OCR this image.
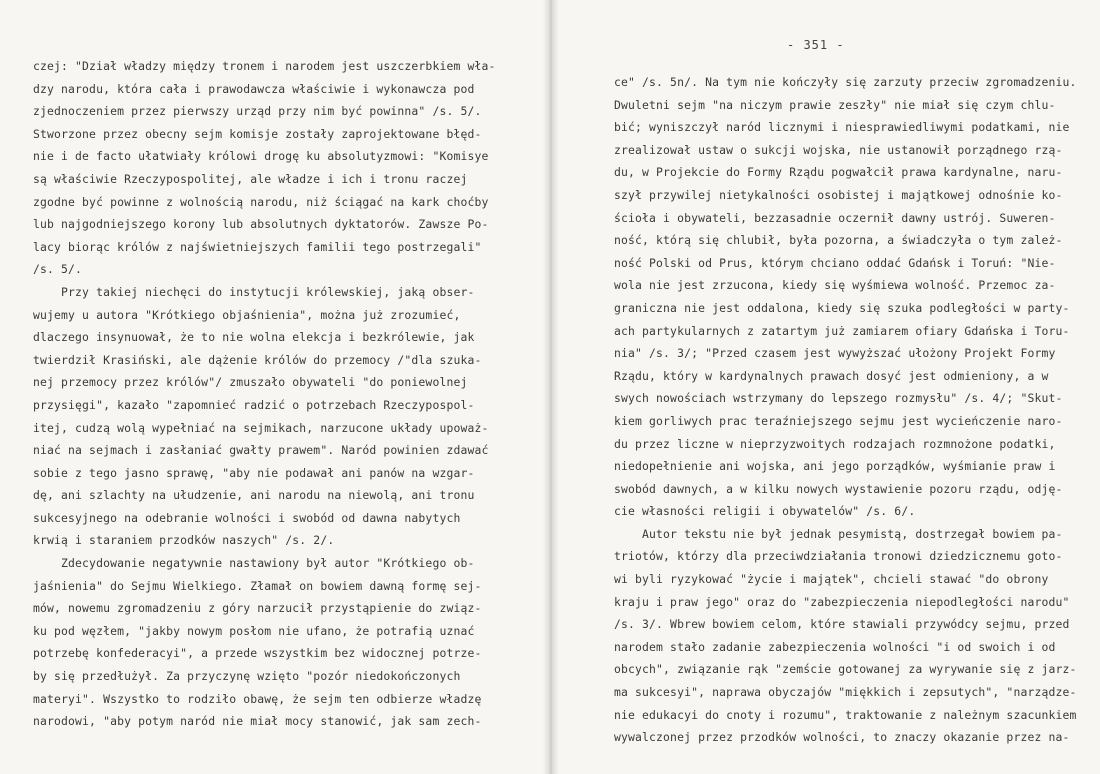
czej: "Dział władzy między tronem i narodem jest uszczerbkiem wła-
dzy narodu, która cała i prawodawcza właściwie i wykonawcza pod
zjednoczeniem przez pierwszy urząd przy nim być powinna" /s. 5/.
Stworzone przez obecny sejm komisje zostały zaprojektowane błęd-
nie i de facto ułatwiały królowi drogę ku absolutyzmowi: "Komisye
są właściwie Rzeczypospolitej, ale władze i ich i tronu raczej
zgodne być powinne z wolnością narodu, niż ściągać na kark choćby
lub najgodniejszego korony lub absolutnych dyktatorów. Zawsze Po-
lacy biorąc królów z najświetniejszych familii tego postrzegali"
/s. 5/.
Przy takiej niechęci do instytucji królewskiej, jaką obser-
wujemy u autora "Krótkiego objaśnienia", można już zrozumieć,
dlaczego insynuował, że to nie wolna elekcja i bezkrólewie, jak
twierdził Krasiński, ale dążenie królów do przemocy /"dla szuka-
nej przemocy przez królów"/ zmuszało obywateli "do poniewolnej
przysięgi", kazało "zapomnieć radzić o potrzebach Rzeczypospol-
itej, cudzą wolą wypełniać na sejmikach, narzucone układy upoważ-
niać na sejmach i zasłaniać gwałty prawem". Naród powinien zdawać
sobie z tego jasno sprawę, "aby nie podawał ani panów na wzgar-
dę, ani szlachty na ułudzenie, ani narodu na niewolą, ani tronu
sukcesyjnego na odebranie wolności i swobód od dawna nabytych
krwią i staraniem przodków naszych" /s. 2/.
Zdecydowanie negatywnie nastawiony był autor "Krótkiego ob-
jaśnienia" do Sejmu Wielkiego. Złamał on bowiem dawną formę sej-
mów, nowemu zgromadzeniu z góry narzucił przystąpienie do związ-
ku pod węzłem, "jakby nowym posłom nie ufano, że potrafią uznać
potrzebę konfederacyi", a przede wszystkim bez widocznej potrze-
by się przedłużył. Za przyczynę wzięto "pozór niedokończonych
materyi". Wszystko to rodziło obawę, że sejm ten odbierze władzę
narodowi, "aby potym naród nie miał mocy stanowić, jak sam zech-
- 351 -
ce" /s. 5n/. Na tym nie kończyły się zarzuty przeciw zgromadzeniu.
Dwuletni sejm "na niczym prawie zeszły" nie miał się czym chlu-
bić; wyniszczył naród licznymi i niesprawiedliwymi podatkami, nie
zrealizował ustaw o sukcji wojska, nie ustanowił porządnego rzą-
du, w Projekcie do Formy Rządu pogwałcił prawa kardynalne, naru-
szył przywilej nietykalności osobistej i majątkowej odnośnie ko-
ścioła i obywateli, bezzasadnie oczernił dawny ustrój. Suweren-
ność, którą się chlubił, była pozorna, a świadczyła o tym zależ-
ność Polski od Prus, którym chciano oddać Gdańsk i Toruń: "Nie-
wola nie jest zrzucona, kiedy się wyśmiewa wolność. Przemoc za-
graniczna nie jest oddalona, kiedy się szuka podległości w party-
ach partykularnych z zatartym już zamiarem ofiary Gdańska i Toru-
nia" /s. 3/; "Przed czasem jest wywyższać ułożony Projekt Formy
Rządu, który w kardynalnych prawach dosyć jest odmieniony, a w
swych nowościach wstrzymany do lepszego rozmysłu" /s. 4/; "Skut-
kiem gorliwych prac teraźniejszego sejmu jest wycieńczenie naro-
du przez liczne w nieprzyzwoitych rodzajach rozmnożone podatki,
niedopełnienie ani wojska, ani jego porządków, wyśmianie praw i
swobód dawnych, a w kilku nowych wystawienie pozoru rządu, odję-
cie własności religii i obywatelów" /s. 6/.
Autor tekstu nie był jednak pesymistą, dostrzegał bowiem pa-
triotów, którzy dla przeciwdziałania tronowi dziedzicznemu goto-
wi byli ryzykować "życie i majątek", chcieli stawać "do obrony
kraju i praw jego" oraz do "zabezpieczenia niepodległości narodu"
/s. 3/. Wbrew bowiem celom, które stawiali przywódcy sejmu, przed
narodem stało zadanie zabezpieczenia wolności "i od swoich i od
obcych", związanie rąk "zemście gotowanej za wyrywanie się z jarz-
ma sukcesyi", naprawa obyczajów "miękkich i zepsutych", "narządze-
nie edukacyi do cnoty i rozumu", traktowanie z należnym szacunkiem
wywalczonej przez przodków wolności, to znaczy okazanie przez na-
